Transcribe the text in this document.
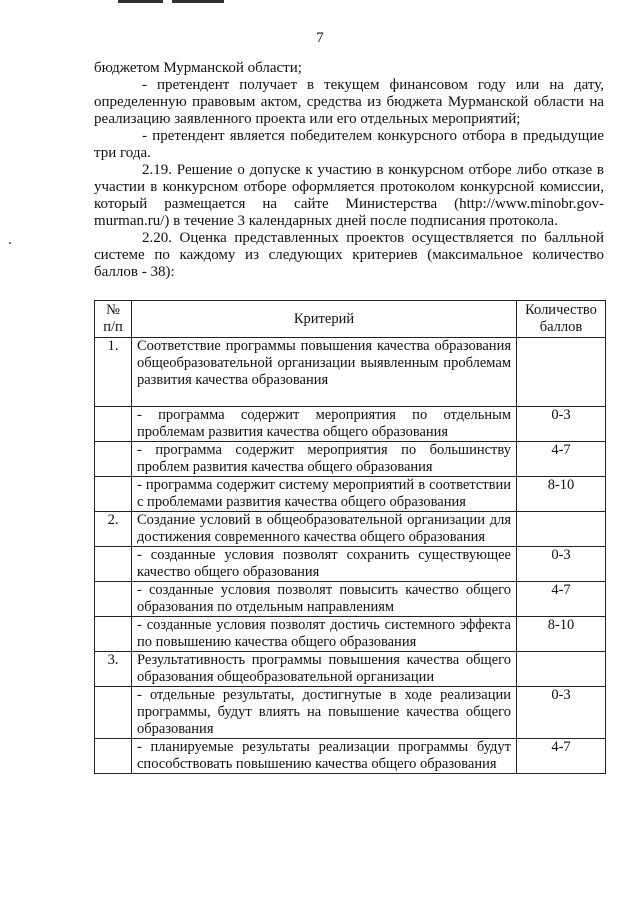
7

бюджетом Мурманской области;

- претендент получает в текущем финансовом году или на дату, определенную правовым актом, средства из бюджета Мурманской области на реализацию заявленного проекта или его отдельных мероприятий;

- претендент является победителем конкурсного отбора в предыдущие три года.

2.19. Решение о допуске к участию в конкурсном отборе либо отказе в участии в конкурсном отборе оформляется протоколом конкурсной комиссии, который размещается на сайте Министерства (http://www.minobr.gov-murman.ru/) в течение 3 календарных дней после подписания протокола.

2.20. Оценка представленных проектов осуществляется по балльной системе по каждому из следующих критериев (максимальное количество баллов - 38):

№ п/п	Критерий	Количество баллов
1.	Соответствие программы повышения качества образования общеобразовательной организации выявленным проблемам развития качества образования	
	- программа содержит мероприятия по отдельным проблемам развития качества общего образования	0-3
	- программа содержит мероприятия по большинству проблем развития качества общего образования	4-7
	- программа содержит систему мероприятий в соответствии с проблемами развития качества общего образования	8-10
2.	Создание условий в общеобразовательной организации для достижения современного качества общего образования	
	- созданные условия позволят сохранить существующее качество общего образования	0-3
	- созданные условия позволят повысить качество общего образования по отдельным направлениям	4-7
	- созданные условия позволят достичь системного эффекта по повышению качества общего образования	8-10
3.	Результативность программы повышения качества общего образования общеобразовательной организации	
	- отдельные результаты, достигнутые в ходе реализации программы, будут влиять на повышение качества общего образования	0-3
	- планируемые результаты реализации программы будут способствовать повышению качества общего образования	4-7
